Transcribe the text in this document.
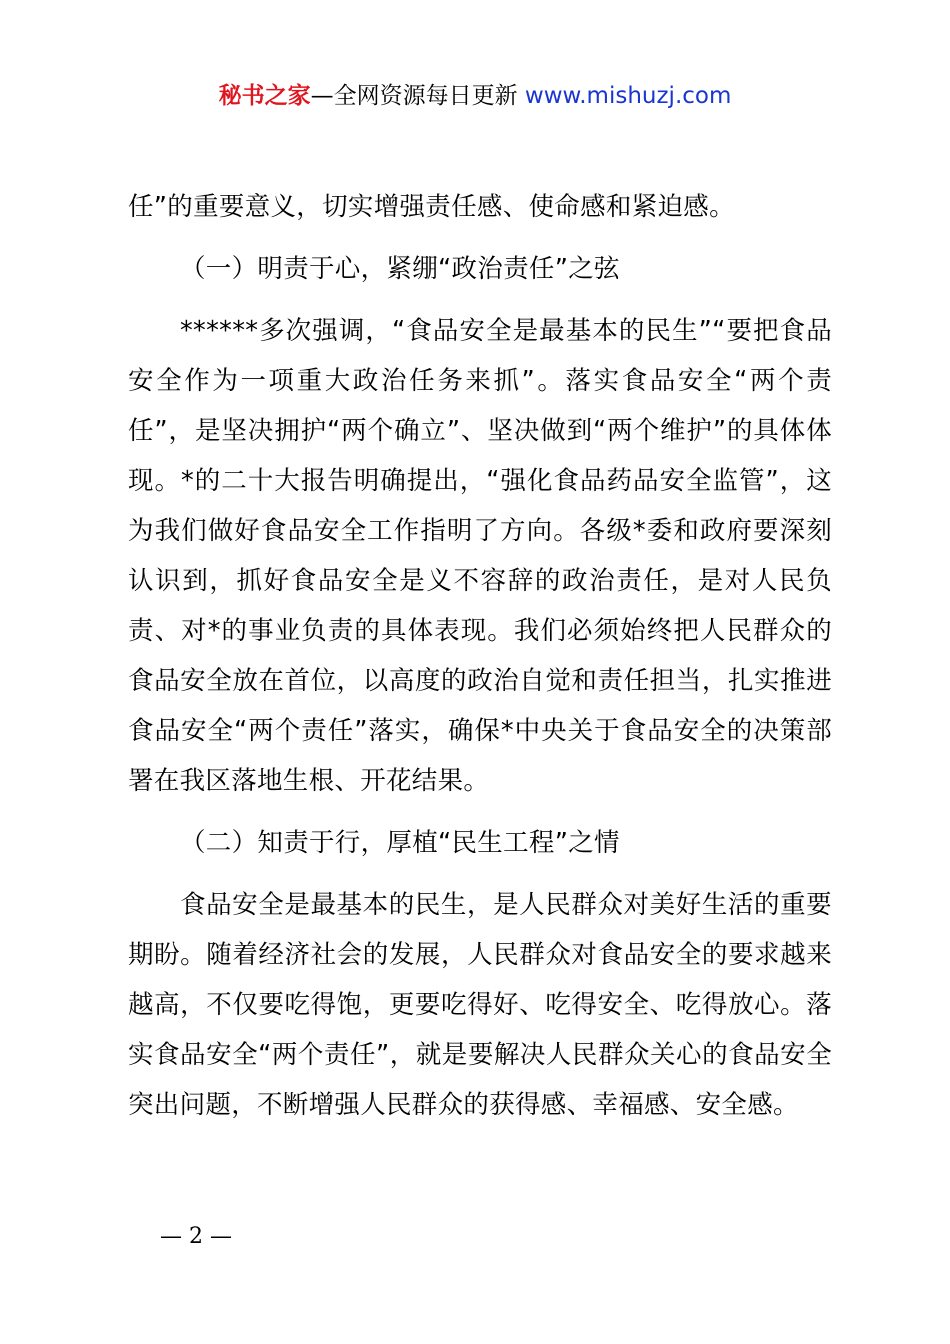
秘书之家—全网资源每日更新 www.mishuzj.com

任”的重要意义，切实增强责任感、使命感和紧迫感。

（一）明责于心，紧绷“政治责任”之弦

******多次强调，“食品安全是最基本的民生”“要把食品安全作为一项重大政治任务来抓”。落实食品安全“两个责任”，是坚决拥护“两个确立”、坚决做到“两个维护”的具体体现。*的二十大报告明确提出，“强化食品药品安全监管”，这为我们做好食品安全工作指明了方向。各级*委和政府要深刻认识到，抓好食品安全是义不容辞的政治责任，是对人民负责、对*的事业负责的具体表现。我们必须始终把人民群众的食品安全放在首位，以高度的政治自觉和责任担当，扎实推进食品安全“两个责任”落实，确保*中央关于食品安全的决策部署在我区落地生根、开花结果。

（二）知责于行，厚植“民生工程”之情

食品安全是最基本的民生，是人民群众对美好生活的重要期盼。随着经济社会的发展，人民群众对食品安全的要求越来越高，不仅要吃得饱，更要吃得好、吃得安全、吃得放心。落实食品安全“两个责任”，就是要解决人民群众关心的食品安全突出问题，不断增强人民群众的获得感、幸福感、安全感。

— 2 —
